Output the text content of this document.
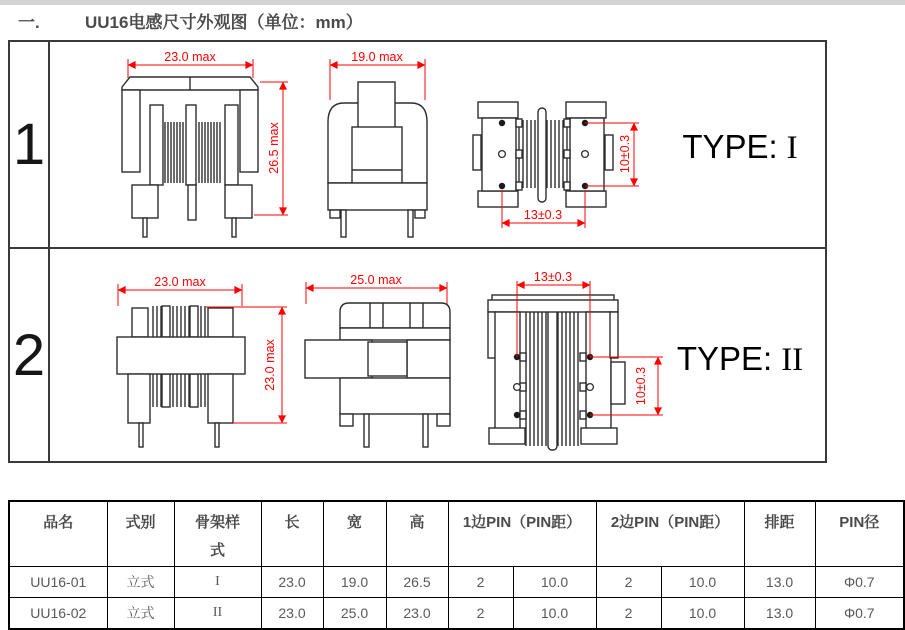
一.	UU16电感尺寸外观图（单位：mm）
1
2
23.0 max
26.5 max
19.0 max
13±0.3
10±0.3	TYPE: I
23.0 max
23.0 max
25.0 max	13±0.3
10±0.3
TYPE: II
品名	式别	骨架样式	长	宽	高	1边PIN（PIN距）		2边PIN（PIN距）		排距	PIN径
UU16-01	立式	I	23.0	19.0	26.5	2	10.0	2	10.0	13.0	Φ0.7
UU16-02	立式	II	23.0	25.0	23.0	2	10.0	2	10.0	13.0	Φ0.7
